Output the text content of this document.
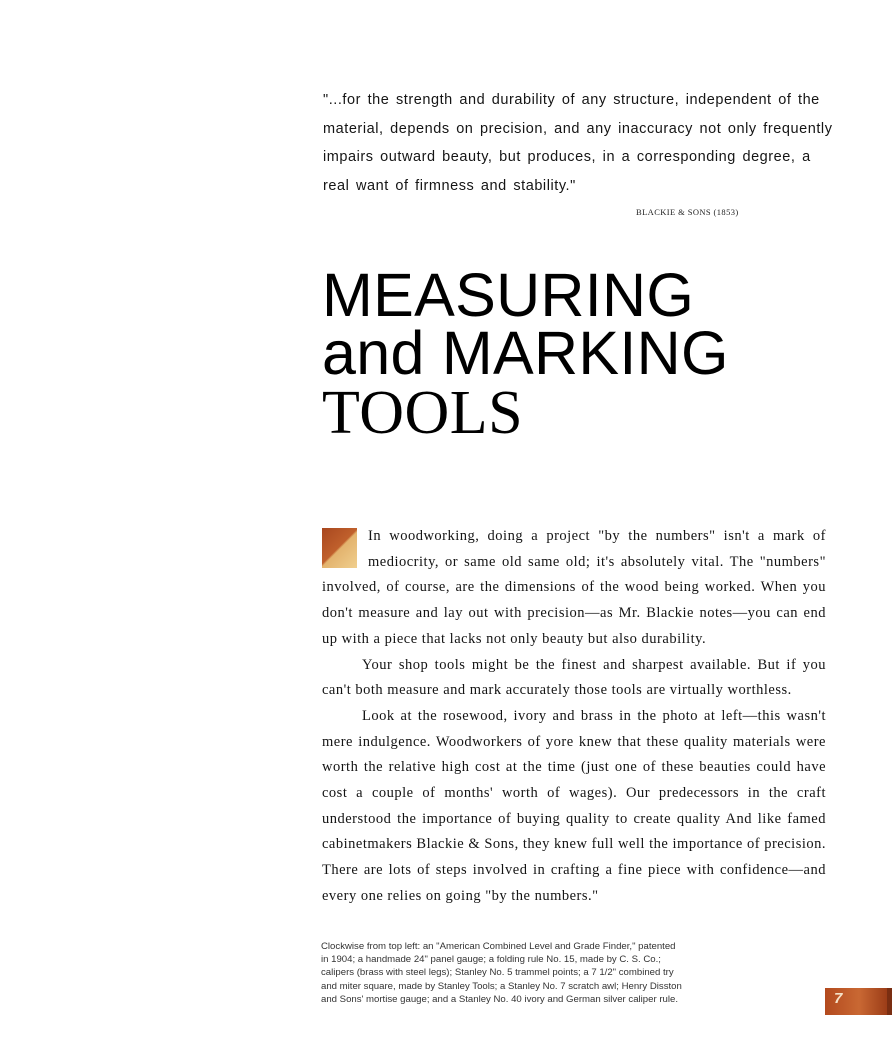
"...for the strength and durability of any structure, independent of the material, depends on precision, and any inaccuracy not only frequently impairs outward beauty, but produces, in a corresponding degree, a real want of firmness and stability."

BLACKIE & SONS (1853)
MEASURING
and MARKING
TOOLS

In woodworking, doing a project "by the numbers" isn't a mark of mediocrity, or same old same old; it's absolutely vital. The "numbers" involved, of course, are the dimensions of the wood being worked. When you don't measure and lay out with precision—as Mr. Blackie notes—you can end up with a piece that lacks not only beauty but also durability.

Your shop tools might be the finest and sharpest available. But if you can't both measure and mark accurately those tools are virtually worthless.

Look at the rosewood, ivory and brass in the photo at left—this wasn't mere indulgence. Woodworkers of yore knew that these quality materials were worth the relative high cost at the time (just one of these beauties could have cost a couple of months' worth of wages). Our predecessors in the craft understood the importance of buying quality to create quality And like famed cabinetmakers Blackie & Sons, they knew full well the importance of precision. There are lots of steps involved in crafting a fine piece with confidence—and every one relies on going "by the numbers."

Clockwise from top left: an "American Combined Level and Grade Finder," patented
in 1904; a handmade 24" panel gauge; a folding rule No. 15, made by C. S. Co.;
calipers (brass with steel legs); Stanley No. 5 trammel points; a 7 1/2" combined try
and miter square, made by Stanley Tools; a Stanley No. 7 scratch awl; Henry Disston
and Sons' mortise gauge; and a Stanley No. 40 ivory and German silver caliper rule.	7
